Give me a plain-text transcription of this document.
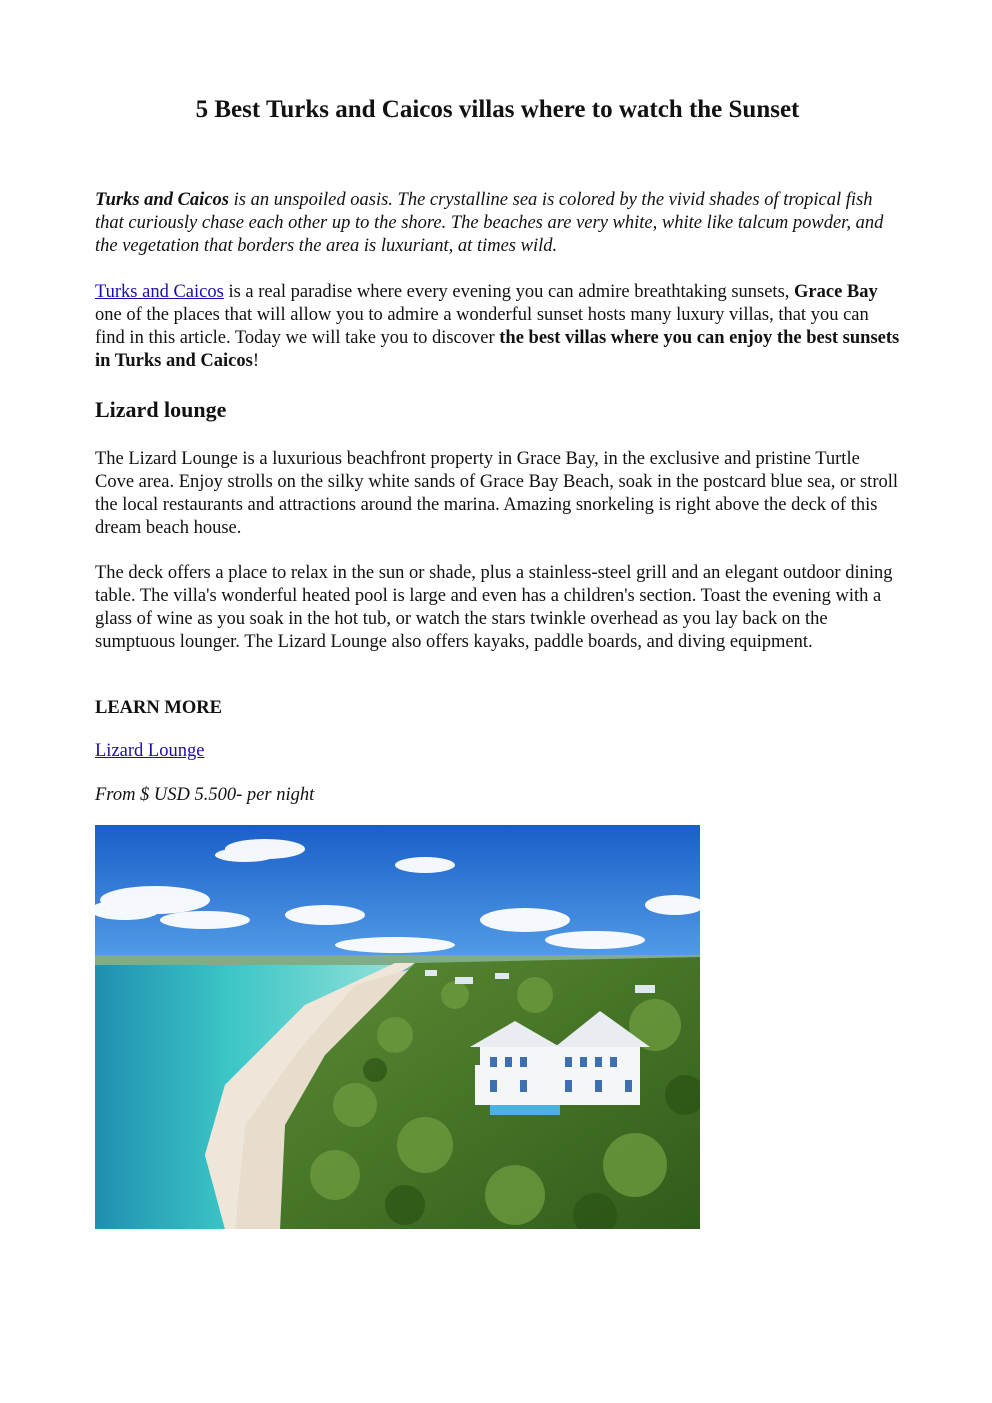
5 Best Turks and Caicos villas where to watch the Sunset

Turks and Caicos is an unspoiled oasis. The crystalline sea is colored by the vivid shades of tropical fish that curiously chase each other up to the shore. The beaches are very white, white like talcum powder, and the vegetation that borders the area is luxuriant, at times wild.

Turks and Caicos is a real paradise where every evening you can admire breathtaking sunsets, Grace Bay one of the places that will allow you to admire a wonderful sunset hosts many luxury villas, that you can find in this article. Today we will take you to discover the best villas where you can enjoy the best sunsets in Turks and Caicos!

Lizard lounge

The Lizard Lounge is a luxurious beachfront property in Grace Bay, in the exclusive and pristine Turtle Cove area. Enjoy strolls on the silky white sands of Grace Bay Beach, soak in the postcard blue sea, or stroll the local restaurants and attractions around the marina. Amazing snorkeling is right above the deck of this dream beach house.

The deck offers a place to relax in the sun or shade, plus a stainless-steel grill and an elegant outdoor dining table. The villa's wonderful heated pool is large and even has a children's section. Toast the evening with a glass of wine as you soak in the hot tub, or watch the stars twinkle overhead as you lay back on the sumptuous lounger. The Lizard Lounge also offers kayaks, paddle boards, and diving equipment.

LEARN MORE

Lizard Lounge

From $ USD 5.500- per night
